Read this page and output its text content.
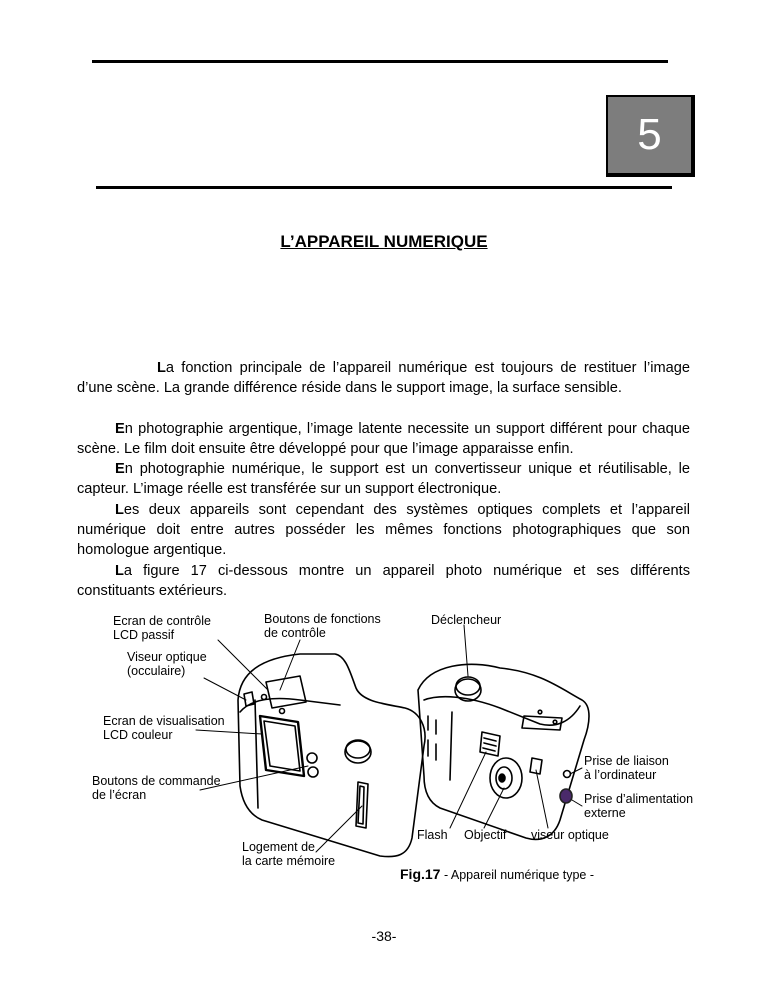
5
L’APPAREIL NUMERIQUE
La fonction principale de l’appareil numérique est toujours de restituer l’image d’une scène. La grande différence réside dans le support image, la surface sensible.
En photographie argentique, l’image latente necessite un support différent pour chaque scène. Le film doit ensuite être développé pour que l’image apparaisse enfin.
En photographie numérique, le support est un convertisseur unique et réutilisable, le capteur. L’image réelle est transférée sur un support électronique.
Les deux appareils sont cependant des systèmes optiques complets et l’appareil numérique doit entre autres posséder les mêmes fonctions photographiques que son homologue argentique.
La figure 17 ci-dessous montre un appareil photo numérique et ses différents constituants extérieurs.
Ecran de contrôle
LCD passif
Boutons de fonctions
de contrôle
Déclencheur
Viseur optique
(occulaire)
Ecran de visualisation
LCD couleur
Prise de liaison
à l’ordinateur
Boutons de commande
de l’écran	Prise d’alimentation
externe
Flash Objectif viseur optique
Logement de
la carte mémoire
Fig.17 - Appareil numérique type -
-38-
